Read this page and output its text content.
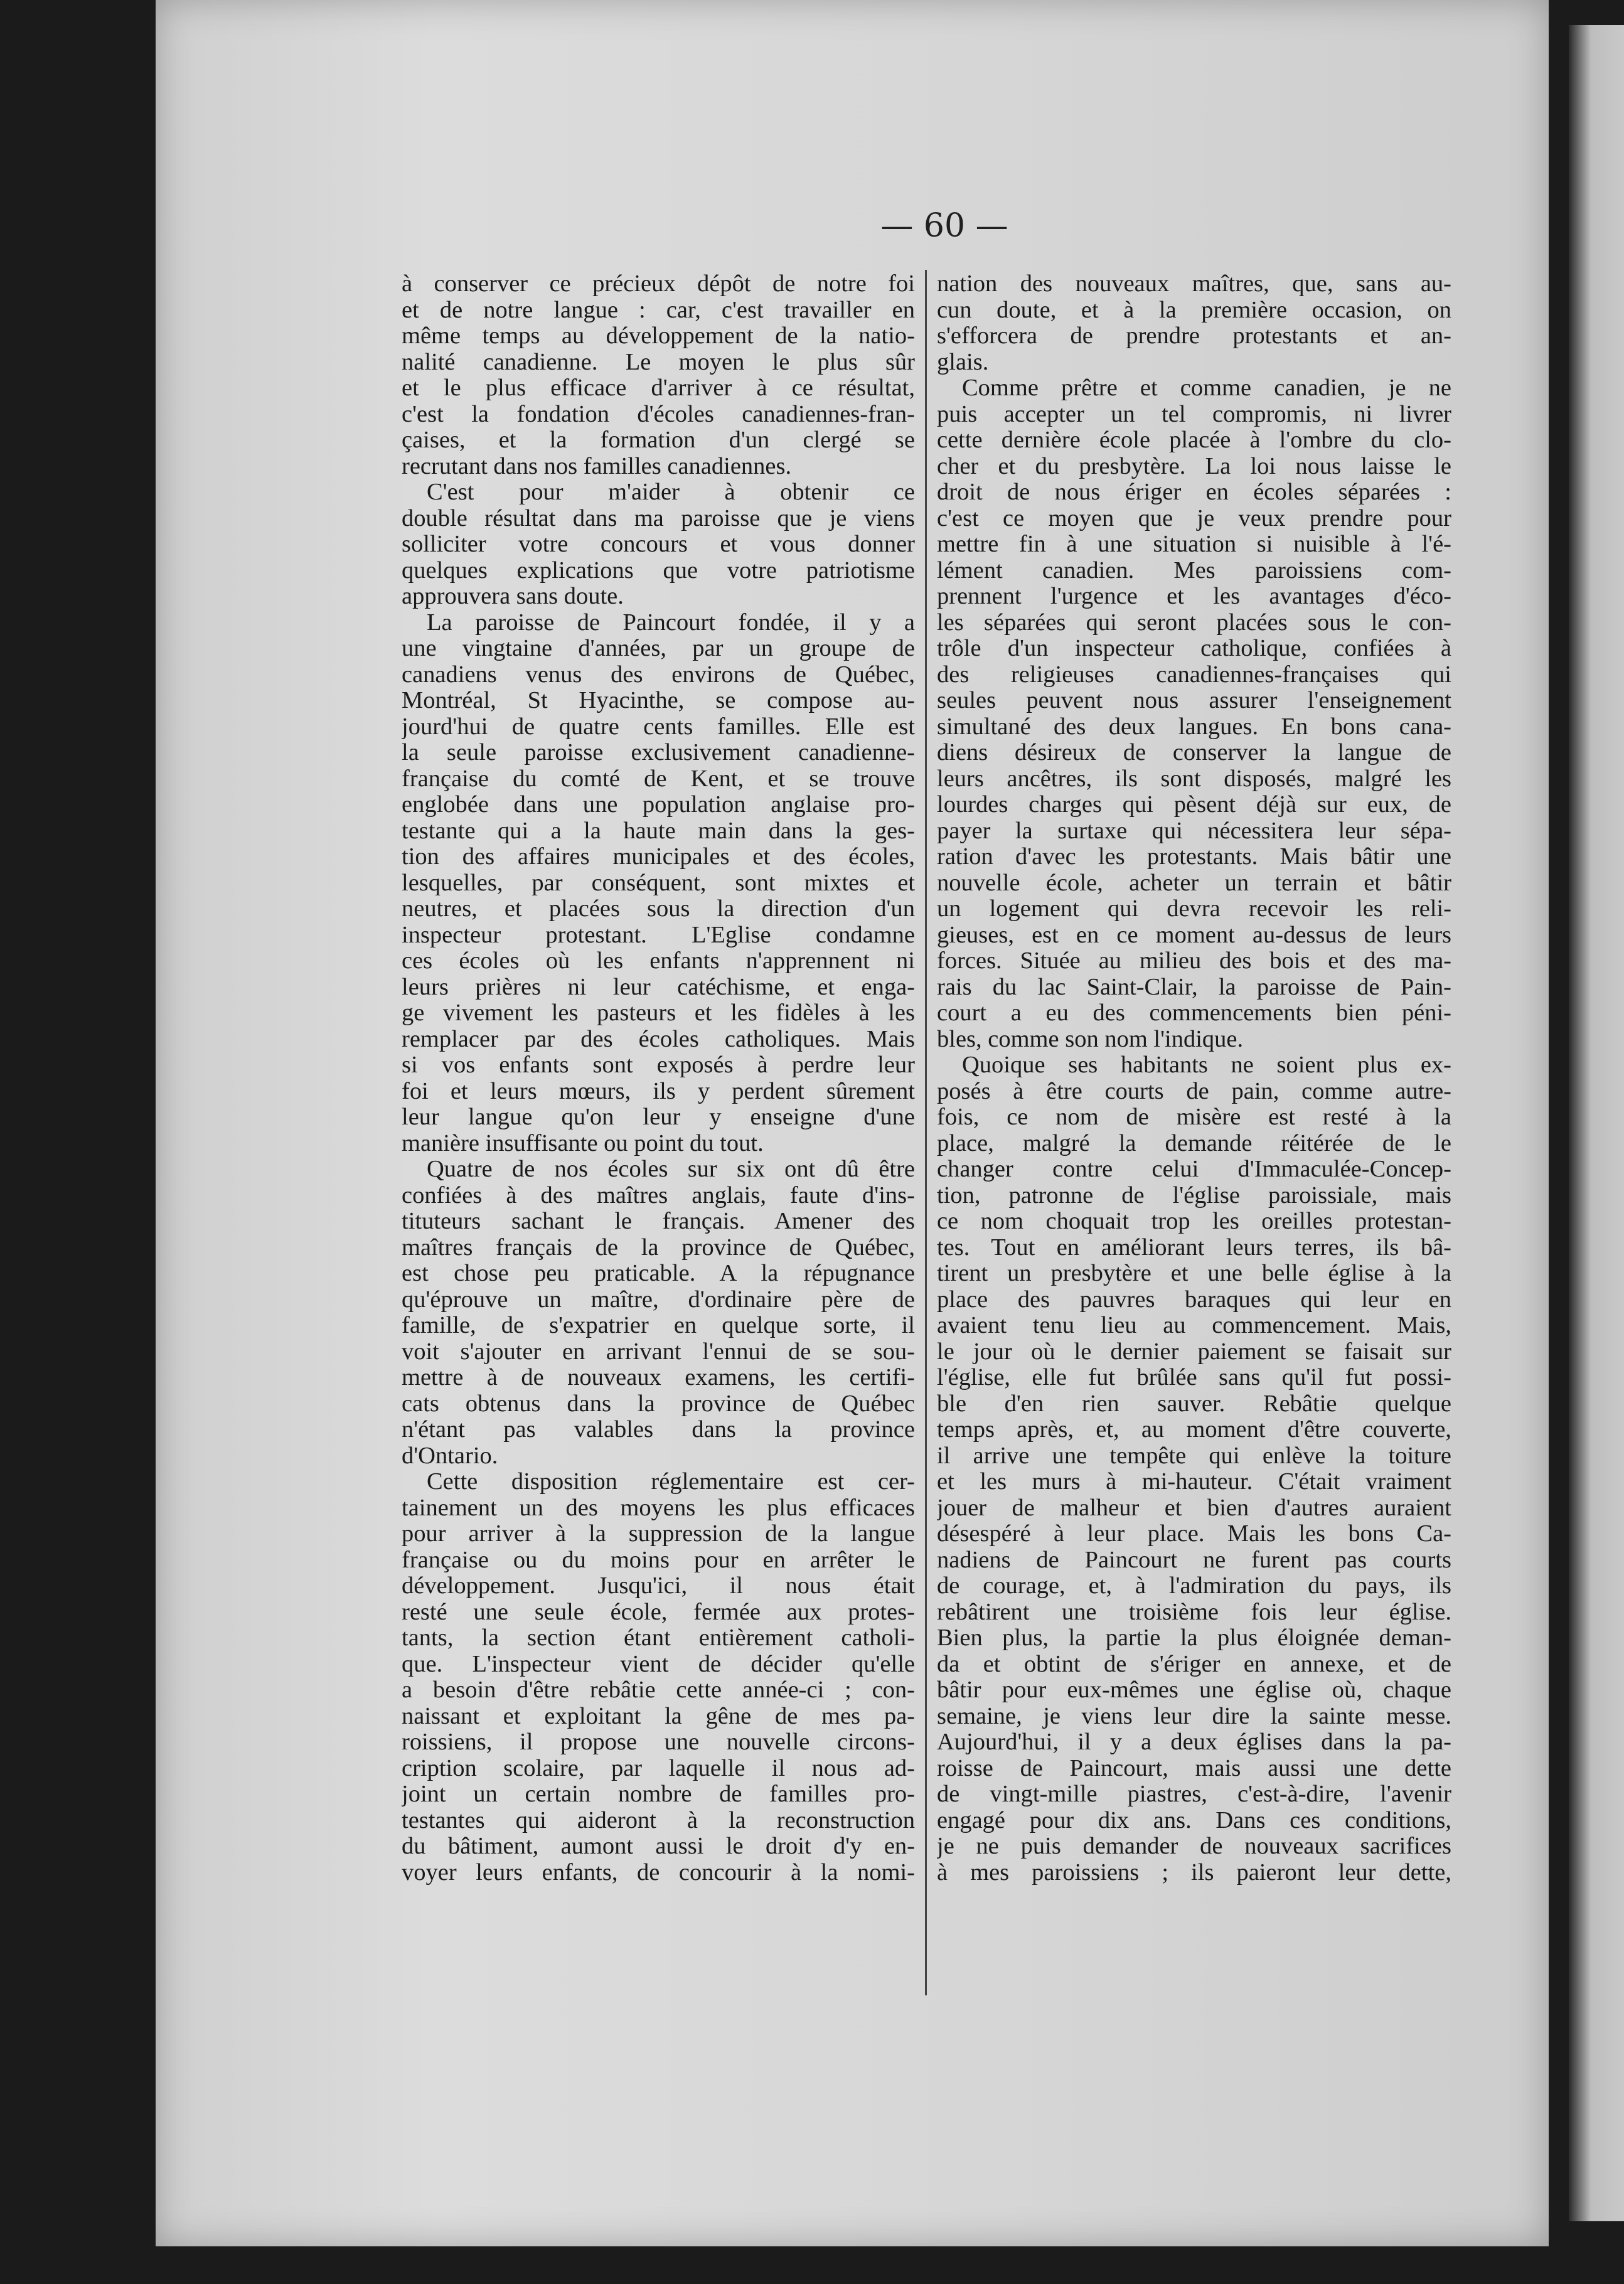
— 60 —
à conserver ce précieux dépôt de notre foi
et de notre langue : car, c'est travailler en
même temps au développement de la natio-
nalité canadienne. Le moyen le plus sûr
et le plus efficace d'arriver à ce résultat,
c'est la fondation d'écoles canadiennes-fran-
çaises, et la formation d'un clergé se
recrutant dans nos familles canadiennes.
C'est pour m'aider à obtenir ce
double résultat dans ma paroisse que je viens
solliciter votre concours et vous donner
quelques explications que votre patriotisme
approuvera sans doute.
La paroisse de Paincourt fondée, il y a
une vingtaine d'années, par un groupe de
canadiens venus des environs de Québec,
Montréal, St Hyacinthe, se compose au-
jourd'hui de quatre cents familles. Elle est
la seule paroisse exclusivement canadienne-
française du comté de Kent, et se trouve
englobée dans une population anglaise pro-
testante qui a la haute main dans la ges-
tion des affaires municipales et des écoles,
lesquelles, par conséquent, sont mixtes et
neutres, et placées sous la direction d'un
inspecteur protestant. L'Eglise condamne
ces écoles où les enfants n'apprennent ni
leurs prières ni leur catéchisme, et enga-
ge vivement les pasteurs et les fidèles à les
remplacer par des écoles catholiques. Mais
si vos enfants sont exposés à perdre leur
foi et leurs mœurs, ils y perdent sûrement
leur langue qu'on leur y enseigne d'une
manière insuffisante ou point du tout.
Quatre de nos écoles sur six ont dû être
confiées à des maîtres anglais, faute d'ins-
tituteurs sachant le français. Amener des
maîtres français de la province de Québec,
est chose peu praticable. A la répugnance
qu'éprouve un maître, d'ordinaire père de
famille, de s'expatrier en quelque sorte, il
voit s'ajouter en arrivant l'ennui de se sou-
mettre à de nouveaux examens, les certifi-
cats obtenus dans la province de Québec
n'étant pas valables dans la province
d'Ontario.
Cette disposition réglementaire est cer-
tainement un des moyens les plus efficaces
pour arriver à la suppression de la langue
française ou du moins pour en arrêter le
développement. Jusqu'ici, il nous était
resté une seule école, fermée aux protes-
tants, la section étant entièrement catholi-
que. L'inspecteur vient de décider qu'elle
a besoin d'être rebâtie cette année-ci ; con-
naissant et exploitant la gêne de mes pa-
roissiens, il propose une nouvelle circons-
cription scolaire, par laquelle il nous ad-
joint un certain nombre de familles pro-
testantes qui aideront à la reconstruction
du bâtiment, aumont aussi le droit d'y en-
voyer leurs enfants, de concourir à la nomi-
nation des nouveaux maîtres, que, sans au-
cun doute, et à la première occasion, on
s'efforcera de prendre protestants et an-
glais.
Comme prêtre et comme canadien, je ne
puis accepter un tel compromis, ni livrer
cette dernière école placée à l'ombre du clo-
cher et du presbytère. La loi nous laisse le
droit de nous ériger en écoles séparées :
c'est ce moyen que je veux prendre pour
mettre fin à une situation si nuisible à l'é-
lément canadien. Mes paroissiens com-
prennent l'urgence et les avantages d'éco-
les séparées qui seront placées sous le con-
trôle d'un inspecteur catholique, confiées à
des religieuses canadiennes-françaises qui
seules peuvent nous assurer l'enseignement
simultané des deux langues. En bons cana-
diens désireux de conserver la langue de
leurs ancêtres, ils sont disposés, malgré les
lourdes charges qui pèsent déjà sur eux, de
payer la surtaxe qui nécessitera leur sépa-
ration d'avec les protestants. Mais bâtir une
nouvelle école, acheter un terrain et bâtir
un logement qui devra recevoir les reli-
gieuses, est en ce moment au-dessus de leurs
forces. Située au milieu des bois et des ma-
rais du lac Saint-Clair, la paroisse de Pain-
court a eu des commencements bien péni-
bles, comme son nom l'indique.
Quoique ses habitants ne soient plus ex-
posés à être courts de pain, comme autre-
fois, ce nom de misère est resté à la
place, malgré la demande réitérée de le
changer contre celui d'Immaculée-Concep-
tion, patronne de l'église paroissiale, mais
ce nom choquait trop les oreilles protestan-
tes. Tout en améliorant leurs terres, ils bâ-
tirent un presbytère et une belle église à la
place des pauvres baraques qui leur en
avaient tenu lieu au commencement. Mais,
le jour où le dernier paiement se faisait sur
l'église, elle fut brûlée sans qu'il fut possi-
ble d'en rien sauver. Rebâtie quelque
temps après, et, au moment d'être couverte,
il arrive une tempête qui enlève la toiture
et les murs à mi-hauteur. C'était vraiment
jouer de malheur et bien d'autres auraient
désespéré à leur place. Mais les bons Ca-
nadiens de Paincourt ne furent pas courts
de courage, et, à l'admiration du pays, ils
rebâtirent une troisième fois leur église.
Bien plus, la partie la plus éloignée deman-
da et obtint de s'ériger en annexe, et de
bâtir pour eux-mêmes une église où, chaque
semaine, je viens leur dire la sainte messe.
Aujourd'hui, il y a deux églises dans la pa-
roisse de Paincourt, mais aussi une dette
de vingt-mille piastres, c'est-à-dire, l'avenir
engagé pour dix ans. Dans ces conditions,
je ne puis demander de nouveaux sacrifices
à mes paroissiens ; ils paieront leur dette,
